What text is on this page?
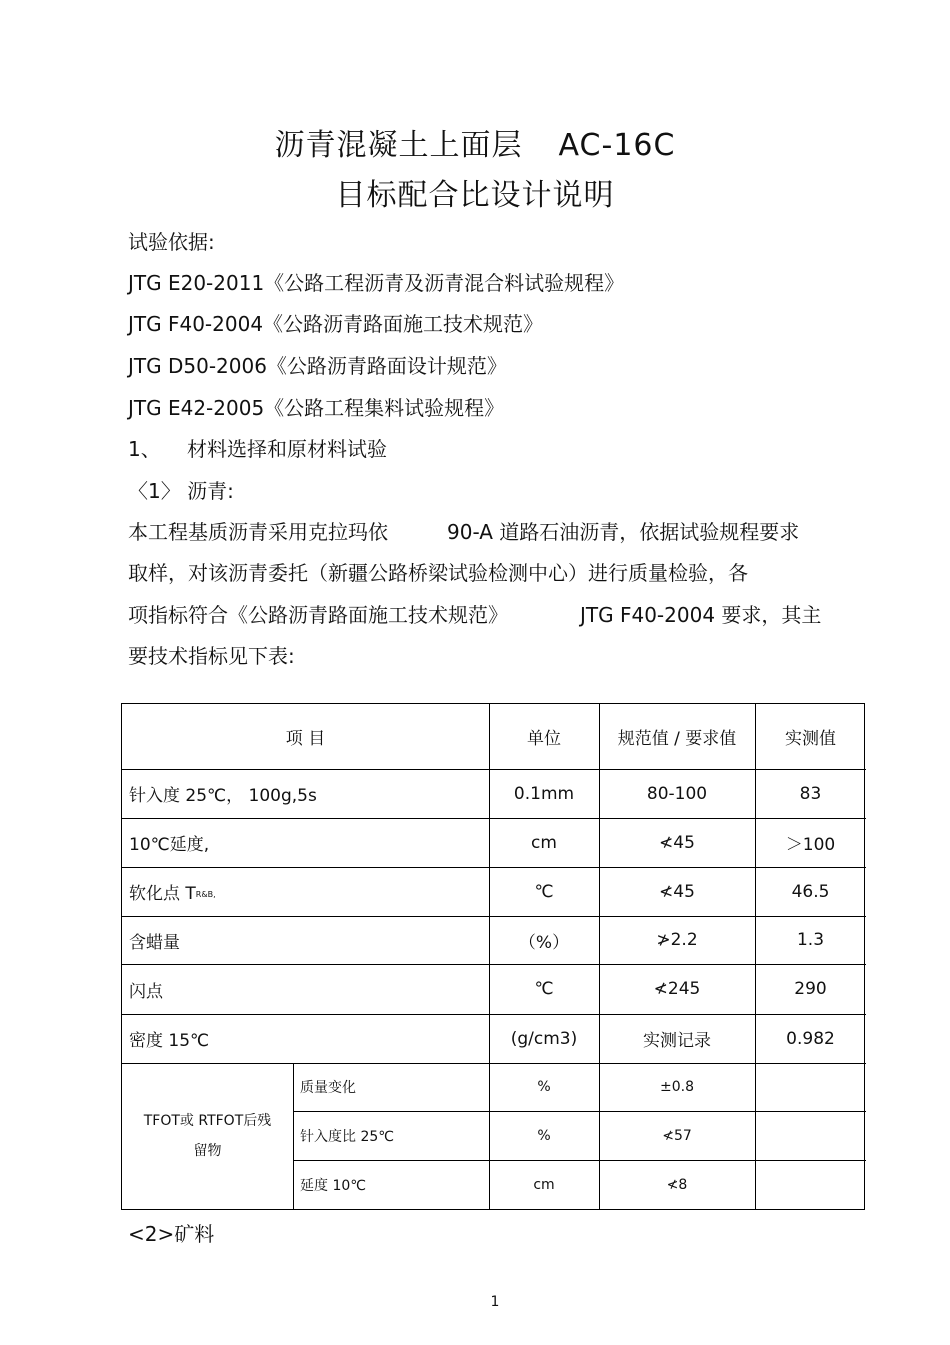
沥青混凝土上面层 AC-16C
目标配合比设计说明
试验依据:
JTG E20-2011《公路工程沥青及沥青混合料试验规程》
JTG F40-2004《公路沥青路面施工技术规范》
JTG D50-2006《公路沥青路面设计规范》
JTG E42-2005《公路工程集料试验规程》
1、 材料选择和原材料试验
〈1〉 沥青:
本工程基质沥青采用克拉玛依	90-A 道路石油沥青，依据试验规程要求
取样，对该沥青委托（新疆公路桥梁试验检测中心）进行质量检验，各
项指标符合《公路沥青路面施工技术规范》	JTG F40-2004 要求，其主
要技术指标见下表:
项 目	单位	规范值 / 要求值	实测值
针入度 25℃， 100g,5s	0.1mm	80-100	83
10℃延度,	cm	≮45	＞100
软化点 T R&B,	℃	≮45	46.5
含蜡量	（%）	≯2.2	1.3
闪点	℃	≮245	290
密度 15℃	(g/cm3)	实测记录	0.982
TFOT或 RTFOT后残
留物
质量变化	%	±0.8
针入度比 25℃	%	≮57
延度 10℃	cm	≮8
<2>矿料
1
